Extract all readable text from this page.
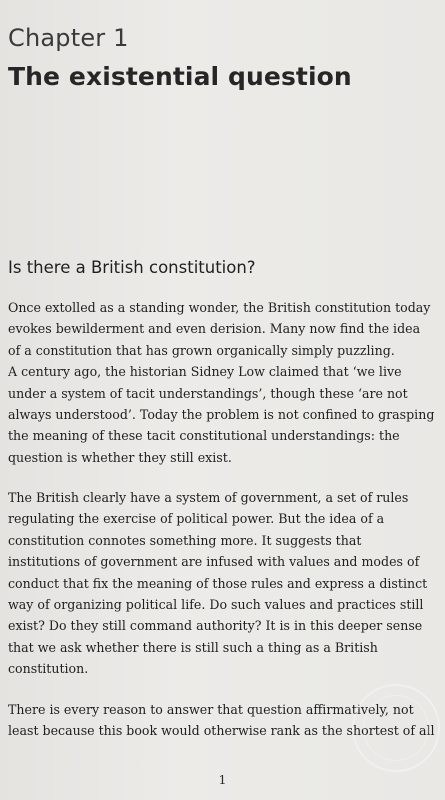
Chapter 1
The existential question
Is there a British constitution?

Once extolled as a standing wonder, the British constitution today
evokes bewilderment and even derision. Many now find the idea
of a constitution that has grown organically simply puzzling.
A century ago, the historian Sidney Low claimed that ‘we live
under a system of tacit understandings’, though these ‘are not
always understood’. Today the problem is not confined to grasping
the meaning of these tacit constitutional understandings: the
question is whether they still exist.

The British clearly have a system of government, a set of rules
regulating the exercise of political power. But the idea of a
constitution connotes something more. It suggests that
institutions of government are infused with values and modes of
conduct that fix the meaning of those rules and express a distinct
way of organizing political life. Do such values and practices still
exist? Do they still command authority? It is in this deeper sense
that we ask whether there is still such a thing as a British
constitution.

There is every reason to answer that question affirmatively, not
least because this book would otherwise rank as the shortest of all

1
